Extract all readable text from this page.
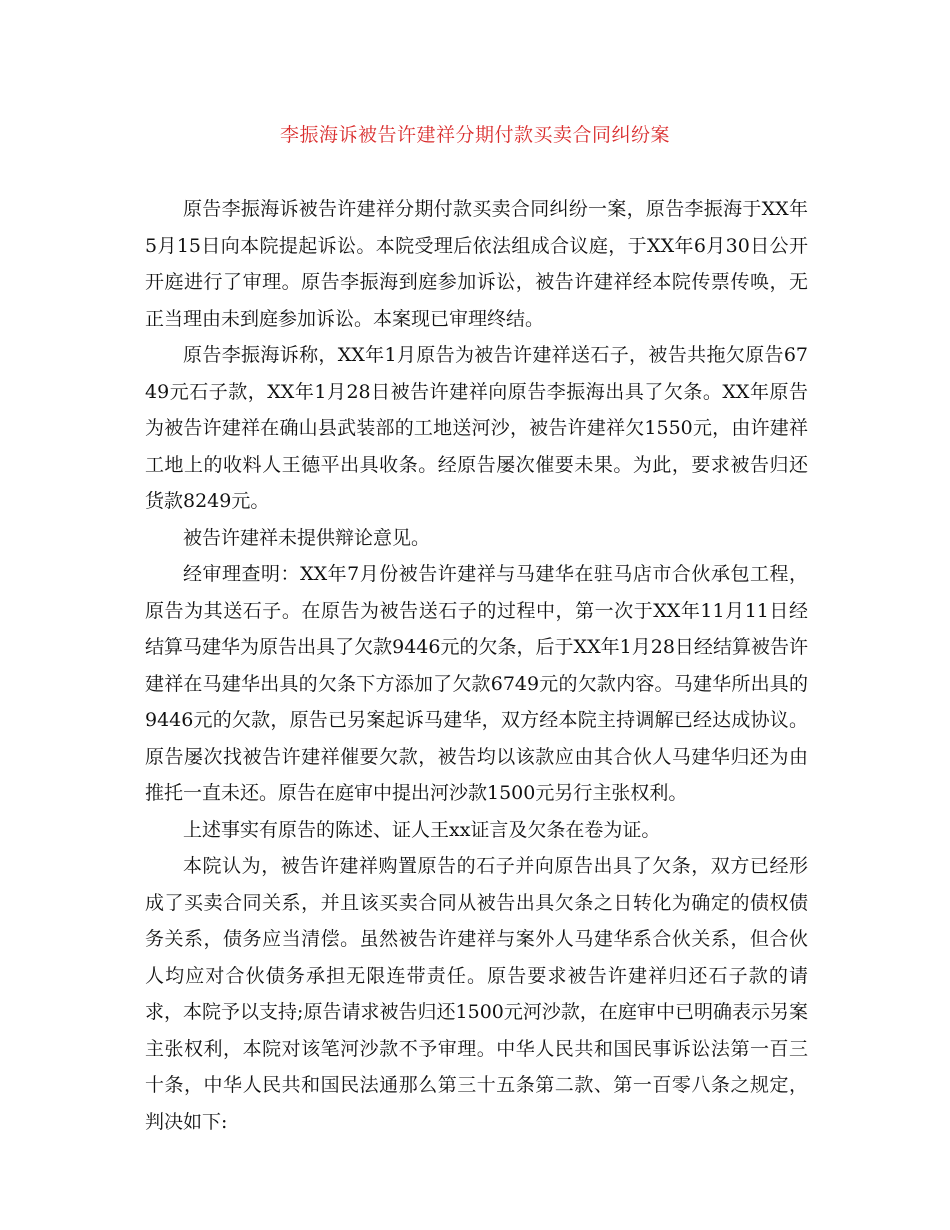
李振海诉被告许建祥分期付款买卖合同纠纷案

原告李振海诉被告许建祥分期付款买卖合同纠纷一案，原告李振海于XX年5月15日向本院提起诉讼。本院受理后依法组成合议庭，于XX年6月30日公开开庭进行了审理。原告李振海到庭参加诉讼，被告许建祥经本院传票传唤，无正当理由未到庭参加诉讼。本案现已审理终结。

原告李振海诉称，XX年1月原告为被告许建祥送石子，被告共拖欠原告6749元石子款，XX年1月28日被告许建祥向原告李振海出具了欠条。XX年原告为被告许建祥在确山县武装部的工地送河沙，被告许建祥欠1550元，由许建祥工地上的收料人王德平出具收条。经原告屡次催要未果。为此，要求被告归还货款8249元。

被告许建祥未提供辩论意见。

经审理查明：XX年7月份被告许建祥与马建华在驻马店市合伙承包工程，原告为其送石子。在原告为被告送石子的过程中，第一次于XX年11月11日经结算马建华为原告出具了欠款9446元的欠条，后于XX年1月28日经结算被告许建祥在马建华出具的欠条下方添加了欠款6749元的欠款内容。马建华所出具的9446元的欠款，原告已另案起诉马建华，双方经本院主持调解已经达成协议。原告屡次找被告许建祥催要欠款，被告均以该款应由其合伙人马建华归还为由推托一直未还。原告在庭审中提出河沙款1500元另行主张权利。

上述事实有原告的陈述、证人王xx证言及欠条在卷为证。

本院认为，被告许建祥购置原告的石子并向原告出具了欠条，双方已经形成了买卖合同关系，并且该买卖合同从被告出具欠条之日转化为确定的债权债务关系，债务应当清偿。虽然被告许建祥与案外人马建华系合伙关系，但合伙人均应对合伙债务承担无限连带责任。原告要求被告许建祥归还石子款的请求，本院予以支持;原告请求被告归还1500元河沙款，在庭审中已明确表示另案主张权利，本院对该笔河沙款不予审理。中华人民共和国民事诉讼法第一百三十条，中华人民共和国民法通那么第三十五条第二款、第一百零八条之规定，判决如下:
